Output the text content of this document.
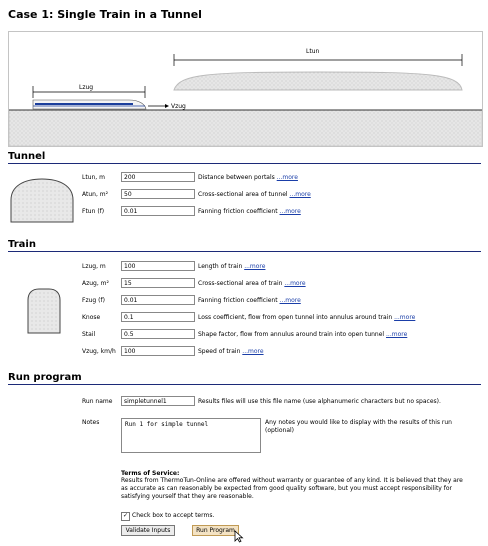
Case 1: Single Train in a Tunnel
Ltun
Lzug
Vzug
Tunnel
Ltun, m	200	Distance between portals ...more
Atun, m²	50	Cross-sectional area of tunnel ...more
Ftun (f)	0.01	Fanning friction coefficient ...more
Train
Lzug, m	100	Length of train ...more
Azug, m²	15	Cross-sectional area of train ...more
Fzug (f)	0.01	Fanning friction coefficient ...more
Knose	0.1	Loss coefficient, flow from open tunnel into annulus around train ...more
Stail	0.5	Shape factor, flow from annulus around train into open tunnel ...more
Vzug, km/h	100	Speed of train ...more
Run program
Run name	simpletunnel1	Results files will use this file name (use alphanumeric characters but no spaces).
Notes	Run 1 for simple tunnel	Any notes you would like to display with the results of this run (optional)
Terms of Service:
Results from ThermoTun-Online are offered without warranty or guarantee of any kind. It is believed that they are as accurate as can reasonably be expected from good quality software, but you must accept responsibility for satisfying yourself that they are reasonable.
✓ Check box to accept terms.
Validate Inputs	Run Program
